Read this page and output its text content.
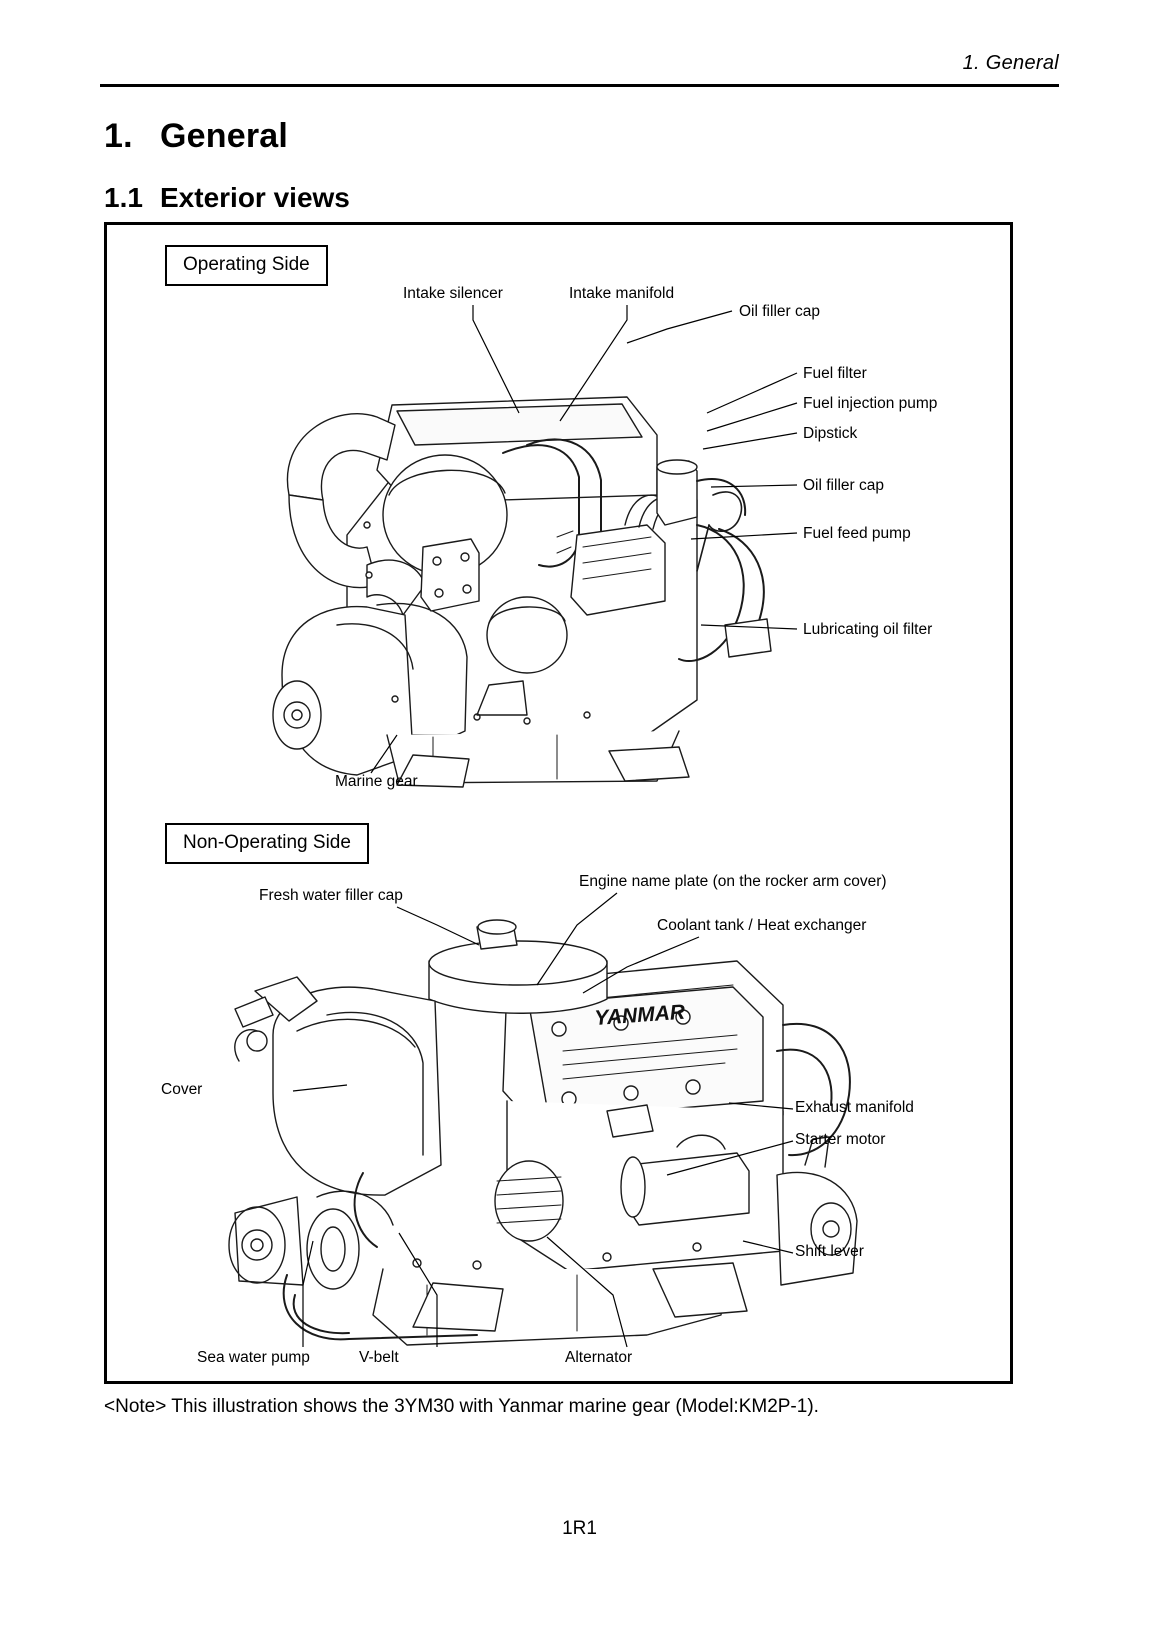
1. General
1. General
1.1 Exterior views
Operating Side
Intake silencer	Intake manifold
Oil filler cap
Fuel filter
Fuel injection pump
Dipstick
Oil filler cap
Fuel feed pump
Lubricating oil filter
Marine gear
Non-Operating Side
YANMAR
Engine name plate (on the rocker arm cover)
Fresh water filler cap
Coolant tank / Heat exchanger
Cover
Exhaust manifold
Starter motor
Shift lever
Sea water pump	V-belt	Alternator
<Note> This illustration shows the 3YM30 with Yanmar marine gear (Model:KM2P-1).
1R1
